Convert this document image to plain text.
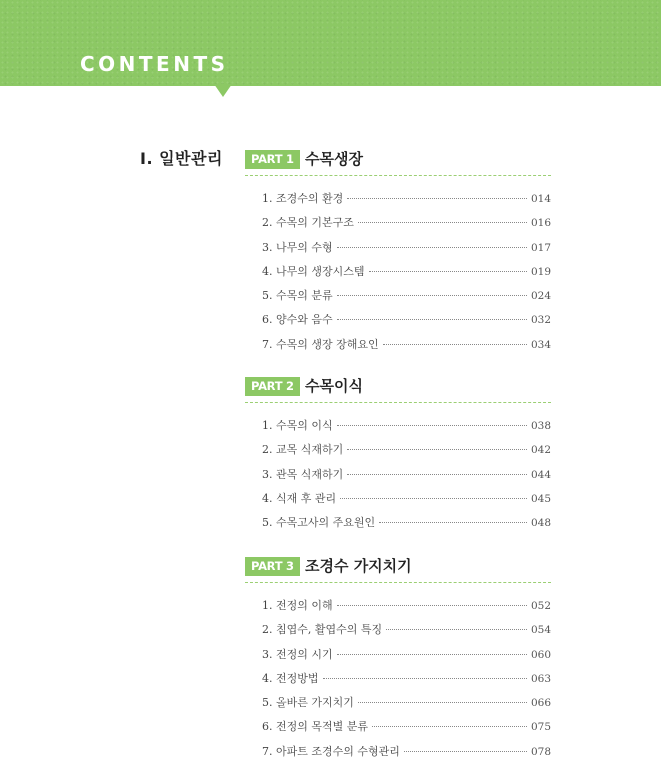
CONTENTS
Ⅰ. 일반관리	PART 1 수목생장
1. 조경수의 환경	014
2. 수목의 기본구조	016
3. 나무의 수형	017
4. 나무의 생장시스템	019
5. 수목의 분류	024
6. 양수와 음수	032
7. 수목의 생장 장해요인	034
PART 2 수목이식
1. 수목의 이식	038
2. 교목 식재하기	042
3. 관목 식재하기	044
4. 식재 후 관리	045
5. 수목고사의 주요원인	048
PART 3 조경수 가지치기
1. 전정의 이해	052
2. 침엽수, 활엽수의 특징	054
3. 전정의 시기	060
4. 전정방법	063
5. 올바른 가지치기	066
6. 전정의 목적별 분류	075
7. 아파트 조경수의 수형관리	078
